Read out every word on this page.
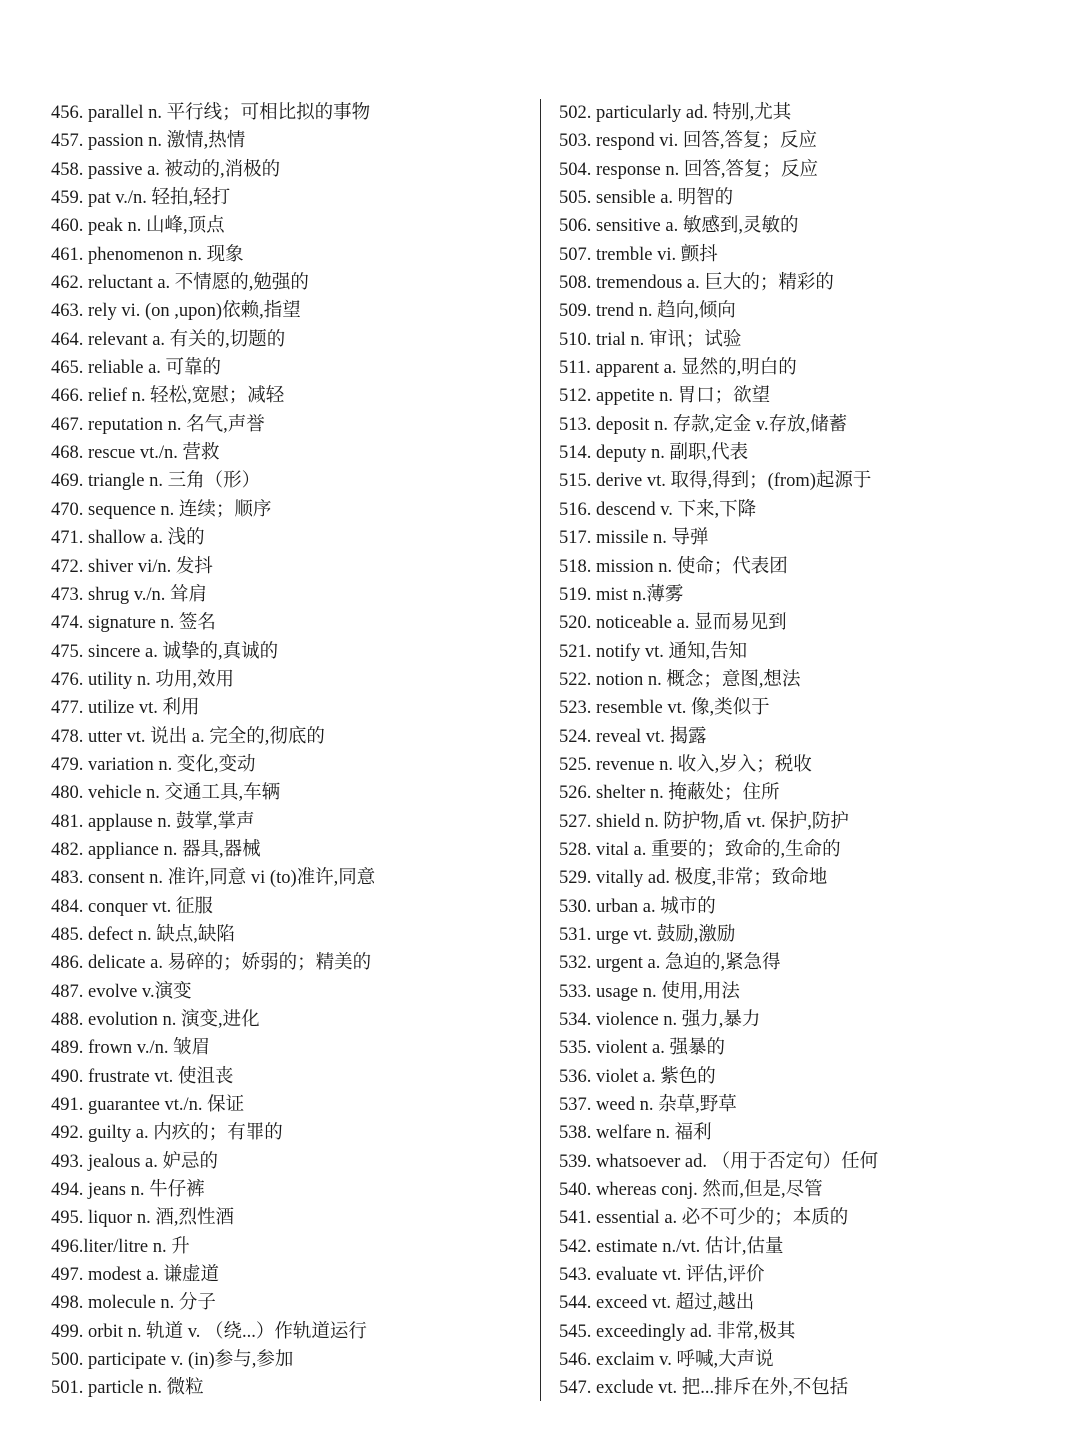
456. parallel n. 平行线；可相比拟的事物
457. passion n. 激情,热情
458. passive a. 被动的,消极的
459. pat v./n. 轻拍,轻打
460. peak n. 山峰,顶点
461. phenomenon n. 现象
462. reluctant a. 不情愿的,勉强的
463. rely vi. (on ,upon)依赖,指望
464. relevant a. 有关的,切题的
465. reliable a. 可靠的
466. relief n. 轻松,宽慰；减轻
467. reputation n. 名气,声誉
468. rescue vt./n. 营救
469. triangle n. 三角（形）
470. sequence n. 连续；顺序
471. shallow a. 浅的
472. shiver vi/n. 发抖
473. shrug v./n. 耸肩
474. signature n. 签名
475. sincere a. 诚挚的,真诚的
476. utility n. 功用,效用
477. utilize vt. 利用
478. utter vt. 说出 a. 完全的,彻底的
479. variation n. 变化,变动
480. vehicle n. 交通工具,车辆
481. applause n. 鼓掌,掌声
482. appliance n. 器具,器械
483. consent n. 准许,同意 vi (to)准许,同意
484. conquer vt. 征服
485. defect n. 缺点,缺陷
486. delicate a. 易碎的；娇弱的；精美的
487. evolve v.演变
488. evolution n. 演变,进化
489. frown v./n. 皱眉
490. frustrate vt. 使沮丧
491. guarantee vt./n. 保证
492. guilty a. 内疚的；有罪的
493. jealous a. 妒忌的
494. jeans n. 牛仔裤
495. liquor n. 酒,烈性酒
496.liter/litre n. 升
497. modest a. 谦虚道
498. molecule n. 分子
499. orbit n. 轨道 v. （绕...）作轨道运行
500. participate v. (in)参与,参加
501. particle n. 微粒
502. particularly ad. 特别,尤其
503. respond vi. 回答,答复；反应
504. response n. 回答,答复；反应
505. sensible a. 明智的
506. sensitive a. 敏感到,灵敏的
507. tremble vi. 颤抖
508. tremendous a. 巨大的；精彩的
509. trend n. 趋向,倾向
510. trial n. 审讯；试验
511. apparent a. 显然的,明白的
512. appetite n. 胃口；欲望
513. deposit n. 存款,定金 v.存放,储蓄
514. deputy n. 副职,代表
515. derive vt. 取得,得到；(from)起源于
516. descend v. 下来,下降
517. missile n. 导弹
518. mission n. 使命；代表团
519. mist n.薄雾
520. noticeable a. 显而易见到
521. notify vt. 通知,告知
522. notion n. 概念；意图,想法
523. resemble vt. 像,类似于
524. reveal vt. 揭露
525. revenue n. 收入,岁入；税收
526. shelter n. 掩蔽处；住所
527. shield n. 防护物,盾 vt. 保护,防护
528. vital a. 重要的；致命的,生命的
529. vitally ad. 极度,非常；致命地
530. urban a. 城市的
531. urge vt. 鼓励,激励
532. urgent a. 急迫的,紧急得
533. usage n. 使用,用法
534. violence n. 强力,暴力
535. violent a. 强暴的
536. violet a. 紫色的
537. weed n. 杂草,野草
538. welfare n. 福利
539. whatsoever ad. （用于否定句）任何
540. whereas conj. 然而,但是,尽管
541. essential a. 必不可少的；本质的
542. estimate n./vt. 估计,估量
543. evaluate vt. 评估,评价
544. exceed vt. 超过,越出
545. exceedingly ad. 非常,极其
546. exclaim v. 呼喊,大声说
547. exclude vt. 把...排斥在外,不包括
